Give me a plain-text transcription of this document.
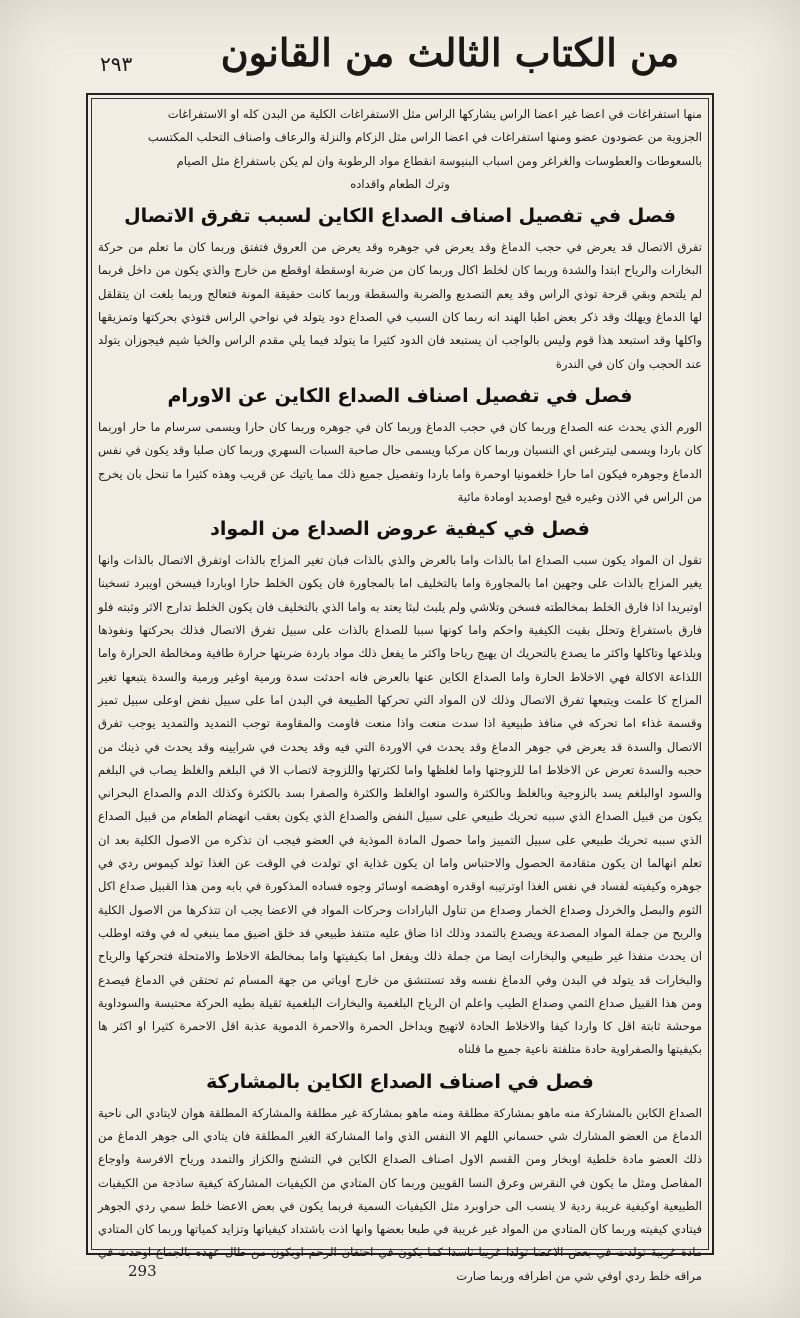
من الكتاب الثالث من القانون
٢٩٣

منها استفراغات في اعضا غير اعضا الراس يشاركها الراس مثل الاستفراغات الكلية من البدن كله او الاستفراغات

الجزوية من عضودون عضو ومنها استفراغات في اعضا الراس مثل الزكام والنزلة والرعاف واصناف التحلب المكتسب

بالسعوطات والعطوسات والغراغر ومن اسباب البنيوسة انقطاع مواد الرطوبة وان لم يكن باستفراغ مثل الصيام

وترك الطعام واقداده

فصل في تفصيل اصناف الصداع الكاين لسبب تفرق الاتصال

تفرق الاتصال قد يعرض في حجب الدماغ وقد يعرض في جوهره وقد يعرض من العروق فتفتق وربما كان ما تعلم من حركة البخارات والرياح ابتدا والشدة وربما كان لخلط اكال وربما كان من ضربة اوسقطة اوقطع من خارج والذي يكون من داخل فربما لم يلتحم وبقي قرحة توذي الراس وقد يعم التصديع والضربة والسقطة وربما كانت حقيقة المونة فتعالج وربما بلغت ان يتقلقل لها الدماغ ويهلك وقد ذكر بعض اطبا الهند انه ربما كان السبب في الصداع دود يتولد في نواحي الراس فتوذي بحركتها وتمزيقها واكلها وقد استبعد هذا قوم وليس بالواجب ان يستبعد فان الدود كثيرا ما يتولد فيما يلي مقدم الراس والخيا شيم فيجوزان يتولد عند الحجب وان كان في الندرة

فصل في تفصيل اصناف الصداع الكاين عن الاورام

الورم الذي يحدث عنه الصداع وربما كان في حجب الدماغ وربما كان في جوهره وربما كان حارا ويسمى سرسام ما حار اوربما كان باردا ويسمى ليترغس اي النسيان وربما كان مركبا ويسمى حال صاحبة السبات السهري وربما كان صلبا وقد يكون في نفس الدماغ وجوهره فيكون اما حارا خلغمونيا اوحمرة واما باردا وتفصيل جميع ذلك مما ياتيك عن قريب وهذه كثيرا ما تنحل بان يخرج من الراس في الاذن وغيره قيح اوصديد اومادة مائية

فصل في كيفية عروض الصداع من المواد

تقول ان المواد يكون سبب الصداع اما بالذات واما بالعرض والذي بالذات فبان تغير المزاج بالذات اوتفرق الاتصال بالذات وانها يغير المزاج بالذات على وجهين اما بالمجاورة واما بالتخليف اما بالمجاورة فان يكون الخلط حارا اوباردا فيسخن اويبرد تسخينا اوتبريدا اذا فارق الخلط بمخالطته فسخن وتلاشي ولم يلبث لبثا يعتد به واما الذي بالتخليف فان يكون الخلط تدارج الاثر وثبته فلو فارق باستفراغ وتحلل بقيت الكيفية واحكم واما كونها سببا للصداع بالذات على سبيل تفرق الاتصال فذلك بحركتها ونفوذها وبلذعها وتاكلها واكثر ما يصدع بالتحريك ان يهيج رياحا واكثر ما يفعل ذلك مواد باردة ضربتها حرارة طافية ومخالطة الحرارة واما اللذاعة الاكالة فهي الاخلاط الحارة واما الصداع الكاين عنها بالعرض فانه احدثت سدة ورمية اوغير ورمية والسدة يتبعها تغير المزاج كا علمت ويتبعها تفرق الاتصال وذلك لان المواد التي تحركها الطبيعة في البدن اما على سبيل نفض اوعلى سبيل تميز وقسمة غذاء اما تحركه في منافذ طبيعية اذا سدت منعت واذا منعت قاومت والمقاومة توجب التمديد والتمديد يوجب تفرق الاتصال والسدة قد يعرض في جوهر الدماغ وقد يحدث في الاوردة التي فيه وقد يحدث في شرايينه وقد يحدث في ذينك من حجبه والسدة تعرض عن الاخلاط اما للزوجتها واما لغلظها واما لكثرتها واللزوجة لاتصاب الا في البلغم والغلظ يصاب في البلغم والسود اوالبلغم يسد بالزوجية وبالغلظ وبالكثرة والسود اوالغلظ والكثرة والصفرا بسد بالكثرة وكذلك الدم والصداع البحراني يكون من قبيل الصداع الذي سببه تحريك طبيعي على سبيل النفض والصداع الذي يكون بعقب انهضام الطعام من قبيل الصداع الذي سببه تحريك طبيعي على سبيل التمييز واما حصول المادة الموذية في العضو فيجب ان تذكره من الاصول الكلية بعد ان تعلم انهالما ان يكون متقادمة الحصول والاحتباس واما ان يكون غذاية اي تولدت في الوقت عن الغذا تولد كيموس ردي في جوهره وكيفيته لفساد في نفس الغذا اوترتيبه اوقدره اوهضمه اوسائر وجوه فساده المذكورة في بابه ومن هذا القبيل صداع اكل الثوم والبصل والخردل وصداع الخمار وصداع من تناول البارادات وحركات المواد في الاعضا يجب ان تتذكرها من الاصول الكلية والريح من جملة المواد المصدعة ويصدع بالتمدد وذلك اذا ضاق عليه متنفذ طبيعي قد خلق اضيق مما ينبغي له في وقته اوطلب ان يحدث منفذا غير طبيعي والبخارات ايضا من جملة ذلك ويفعل اما بكيفيتها واما بمخالطة الاخلاط والامتحلة فتحركها والرياح والبخارات قد يتولد في البدن وفي الدماغ نفسه وقد تستنشق من خارج اوياتي من جهة المسام ثم تحتقن في الدماغ فيصدع ومن هذا القبيل صداع الثمي وصداع الطيب واعلم ان الرياح البلغمية والبخارات البلغمية ثقيلة بطيه الحركة محتبسة والسوداوية موحشة ثابتة اقل كا واردا كيفا والاخلاط الحادة لاتهيج ويداخل الحمرة والاحمرة الدموية عذبة اقل الاحمرة كثيرا او اكثر ها بكيفيتها والصفراوية حادة متلفتة ناعية جميع ما قلناه

فصل في اصناف الصداع الكاين بالمشاركة

الصداع الكاين بالمشاركة منه ماهو بمشاركة مطلقة ومنه ماهو بمشاركة غير مطلقة والمشاركة المطلقة هوان لايتادي الى ناحية الدماغ من العضو المشارك شي حسماني اللهم الا النفس الذي واما المشاركة الغير المطلقة فان يتادي الى جوهر الدماغ من ذلك العضو مادة خلطية اوبخار ومن القسم الاول اصناف الصداع الكاين في التشنج والكزاز والتمدد ورياح الافرسة واوجاع المفاصل ومثل ما يكون في النقرس وعرق النسا القويين وربما كان المتادي من الكيفيات المشاركة كيفية ساذجة من الكيفيات الطبيعية اوكيفية غريبة ردية لا ينسب الى حراوبرد مثل الكيفيات السمية فربما يكون في بعض الاعضا خلط سمي ردي الجوهر فيتادي كيفيته وربما كان المتادي من المواد غير غريبة في طبعا بعضها وانها اذت باشتداد كيفياتها وتزايد كمياتها وربما كان المتادي مادة غريبة تولدت في بعض الاعضا تولدا غريبا ناسدا كما يكون في احتقان الرحم اويكون من طال عهده بالجماع اوحدث في مراقه خلط ردي اوفي شي من اطرافه وربما صارت

293
